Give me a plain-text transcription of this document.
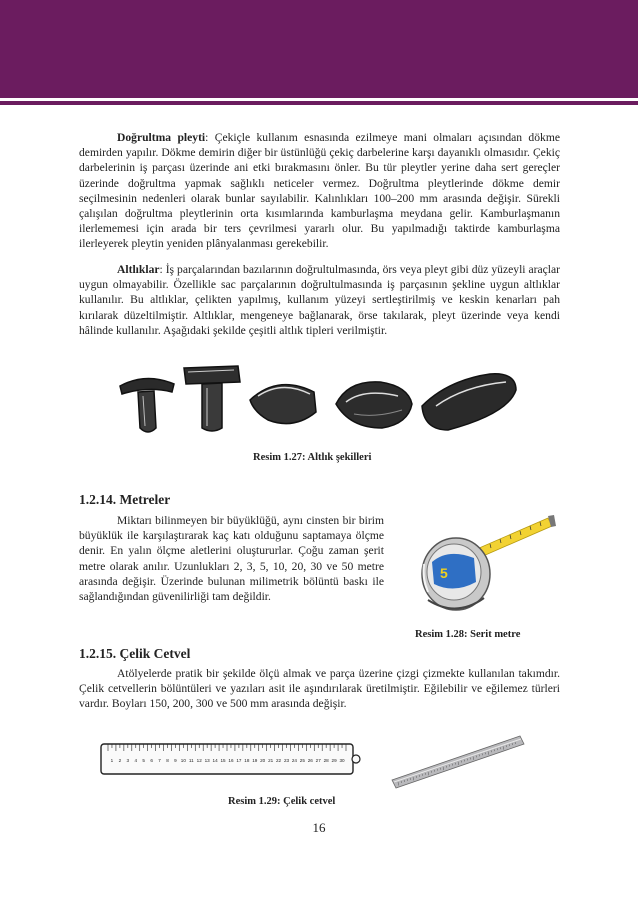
Doğrultma pleyti: Çekiçle kullanım esnasında ezilmeye mani olmaları açısından dökme demirden yapılır. Dökme demirin diğer bir üstünlüğü çekiç darbelerine karşı dayanıklı olmasıdır. Çekiç darbelerinin iş parçası üzerinde ani etki bırakmasını önler. Bu tür pleytler yerine daha sert gereçler üzerinde doğrultma yapmak sağlıklı neticeler vermez. Doğrultma pleytlerinde dökme demir seçilmesinin nedenleri olarak bunlar sayılabilir. Kalınlıkları 100–200 mm arasında değişir. Sürekli çalışılan doğrultma pleytlerinin orta kısımlarında kamburlaşma meydana gelir. Kamburlaşmanın ilerlememesi için arada bir ters çevrilmesi yararlı olur. Bu yapılmadığı taktirde kamburlaşma ilerleyerek pleytin yeniden plânyalanması gerekebilir.

Altlıklar: İş parçalarından bazılarının doğrultulmasında, örs veya pleyt gibi düz yüzeyli araçlar uygun olmayabilir. Özellikle sac parçalarının doğrultulmasında iş parçasının şekline uygun altlıklar kullanılır. Bu altlıklar, çelikten yapılmış, kullanım yüzeyi sertleştirilmiş ve keskin kenarları pah kırılarak düzeltilmiştir. Altlıklar, mengeneye bağlanarak, örse takılarak, pleyt üzerinde veya kendi hâlinde kullanılır. Aşağıdaki şekilde çeşitli altlık tipleri verilmiştir.

Resim 1.27: Altlık şekilleri
1.2.14. Metreler

Miktarı bilinmeyen bir büyüklüğü, aynı cinsten bir birim büyüklük ile karşılaştırarak kaç katı olduğunu saptamaya ölçme denir. En yalın ölçme aletlerini oluştururlar. Çoğu zaman şerit metre olarak anılır. Uzunlukları 2, 3, 5, 10, 20, 30 ve 50 metre arasında değişir. Üzerinde bulunan milimetrik bölüntü baskı ile sağlandığından güvenilirliği tam değildir.

5
Resim 1.28: Serit metre
1.2.15. Çelik Cetvel

Atölyelerde pratik bir şekilde ölçü almak ve parça üzerine çizgi çizmekte kullanılan takımdır. Çelik cetvellerin bölüntüleri ve yazıları asit ile aşındırılarak üretilmiştir. Eğilebilir ve eğilemez türleri vardır. Boyları 150, 200, 300 ve 500 mm arasında değişir.

1 2 3 4 5 6 7 8 9 10 11 12 13 14 15 16 17 18 19 20 21 22 23 24 25 26 27 28 29 30
Resim 1.29: Çelik cetvel
16
